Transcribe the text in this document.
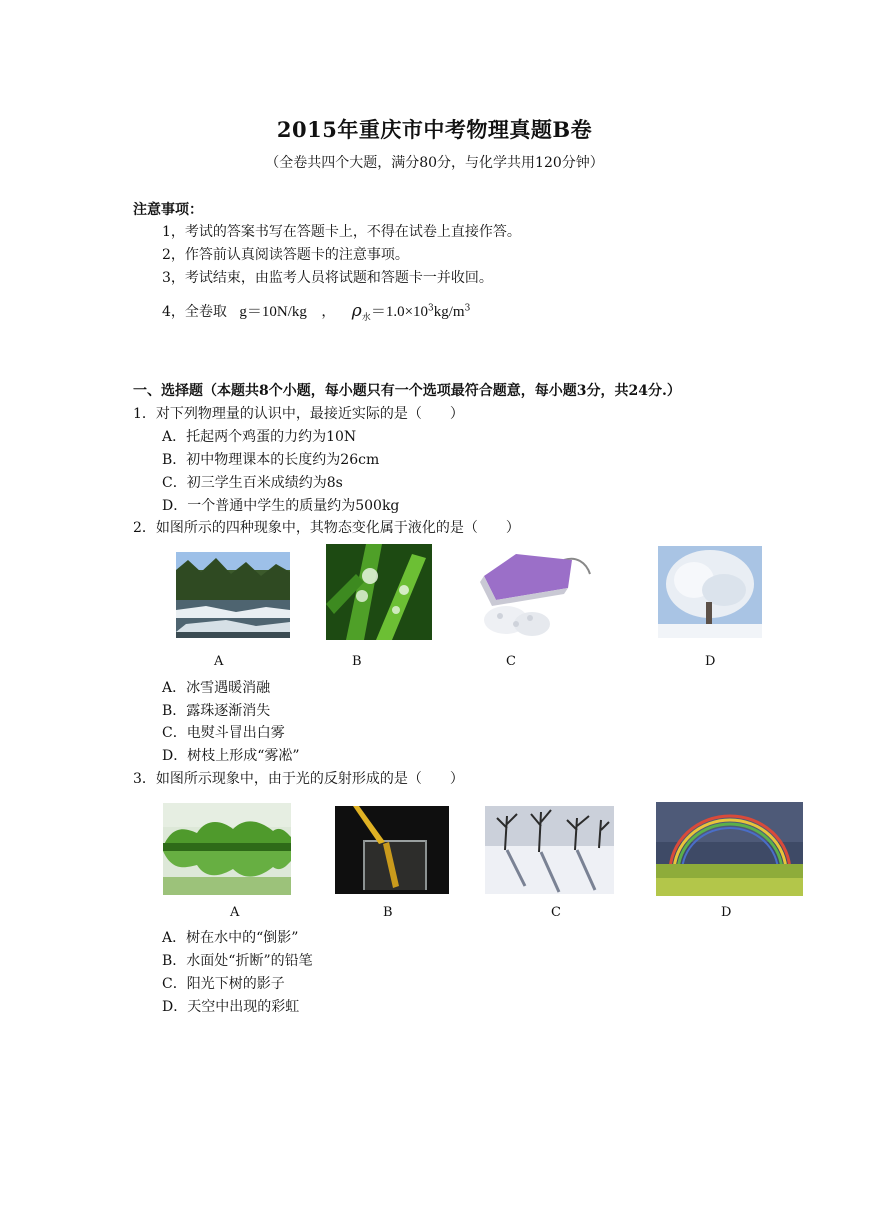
2015年重庆市中考物理真题B卷
（全卷共四个大题，满分80分，与化学共用120分钟）
注意事项：
1，考试的答案书写在答题卡上，不得在试卷上直接作答。
2，作答前认真阅读答题卡的注意事项。
3，考试结束，由监考人员将试题和答题卡一并收回。
4，全卷取 g＝10N/kg ， $\rho_水=1.0\times 10^3kg/m^3$
一、选择题（本题共8个小题，每小题只有一个选项最符合题意，每小题3分，共24分.）
1．对下列物理量的认识中，最接近实际的是（　　）
A．托起两个鸡蛋的力约为10N
B．初中物理课本的长度约为26cm
C．初三学生百米成绩约为8s
D．一个普通中学生的质量约为500kg
2．如图所示的四种现象中，其物态变化属于液化的是（　　）
A	B	C	D
A．冰雪遇暖消融
B．露珠逐渐消失
C．电熨斗冒出白雾
D．树枝上形成“雾凇”
3．如图所示现象中，由于光的反射形成的是（　　）
A	B	C	D
A．树在水中的“倒影”
B．水面处“折断”的铅笔
C．阳光下树的影子
D．天空中出现的彩虹
